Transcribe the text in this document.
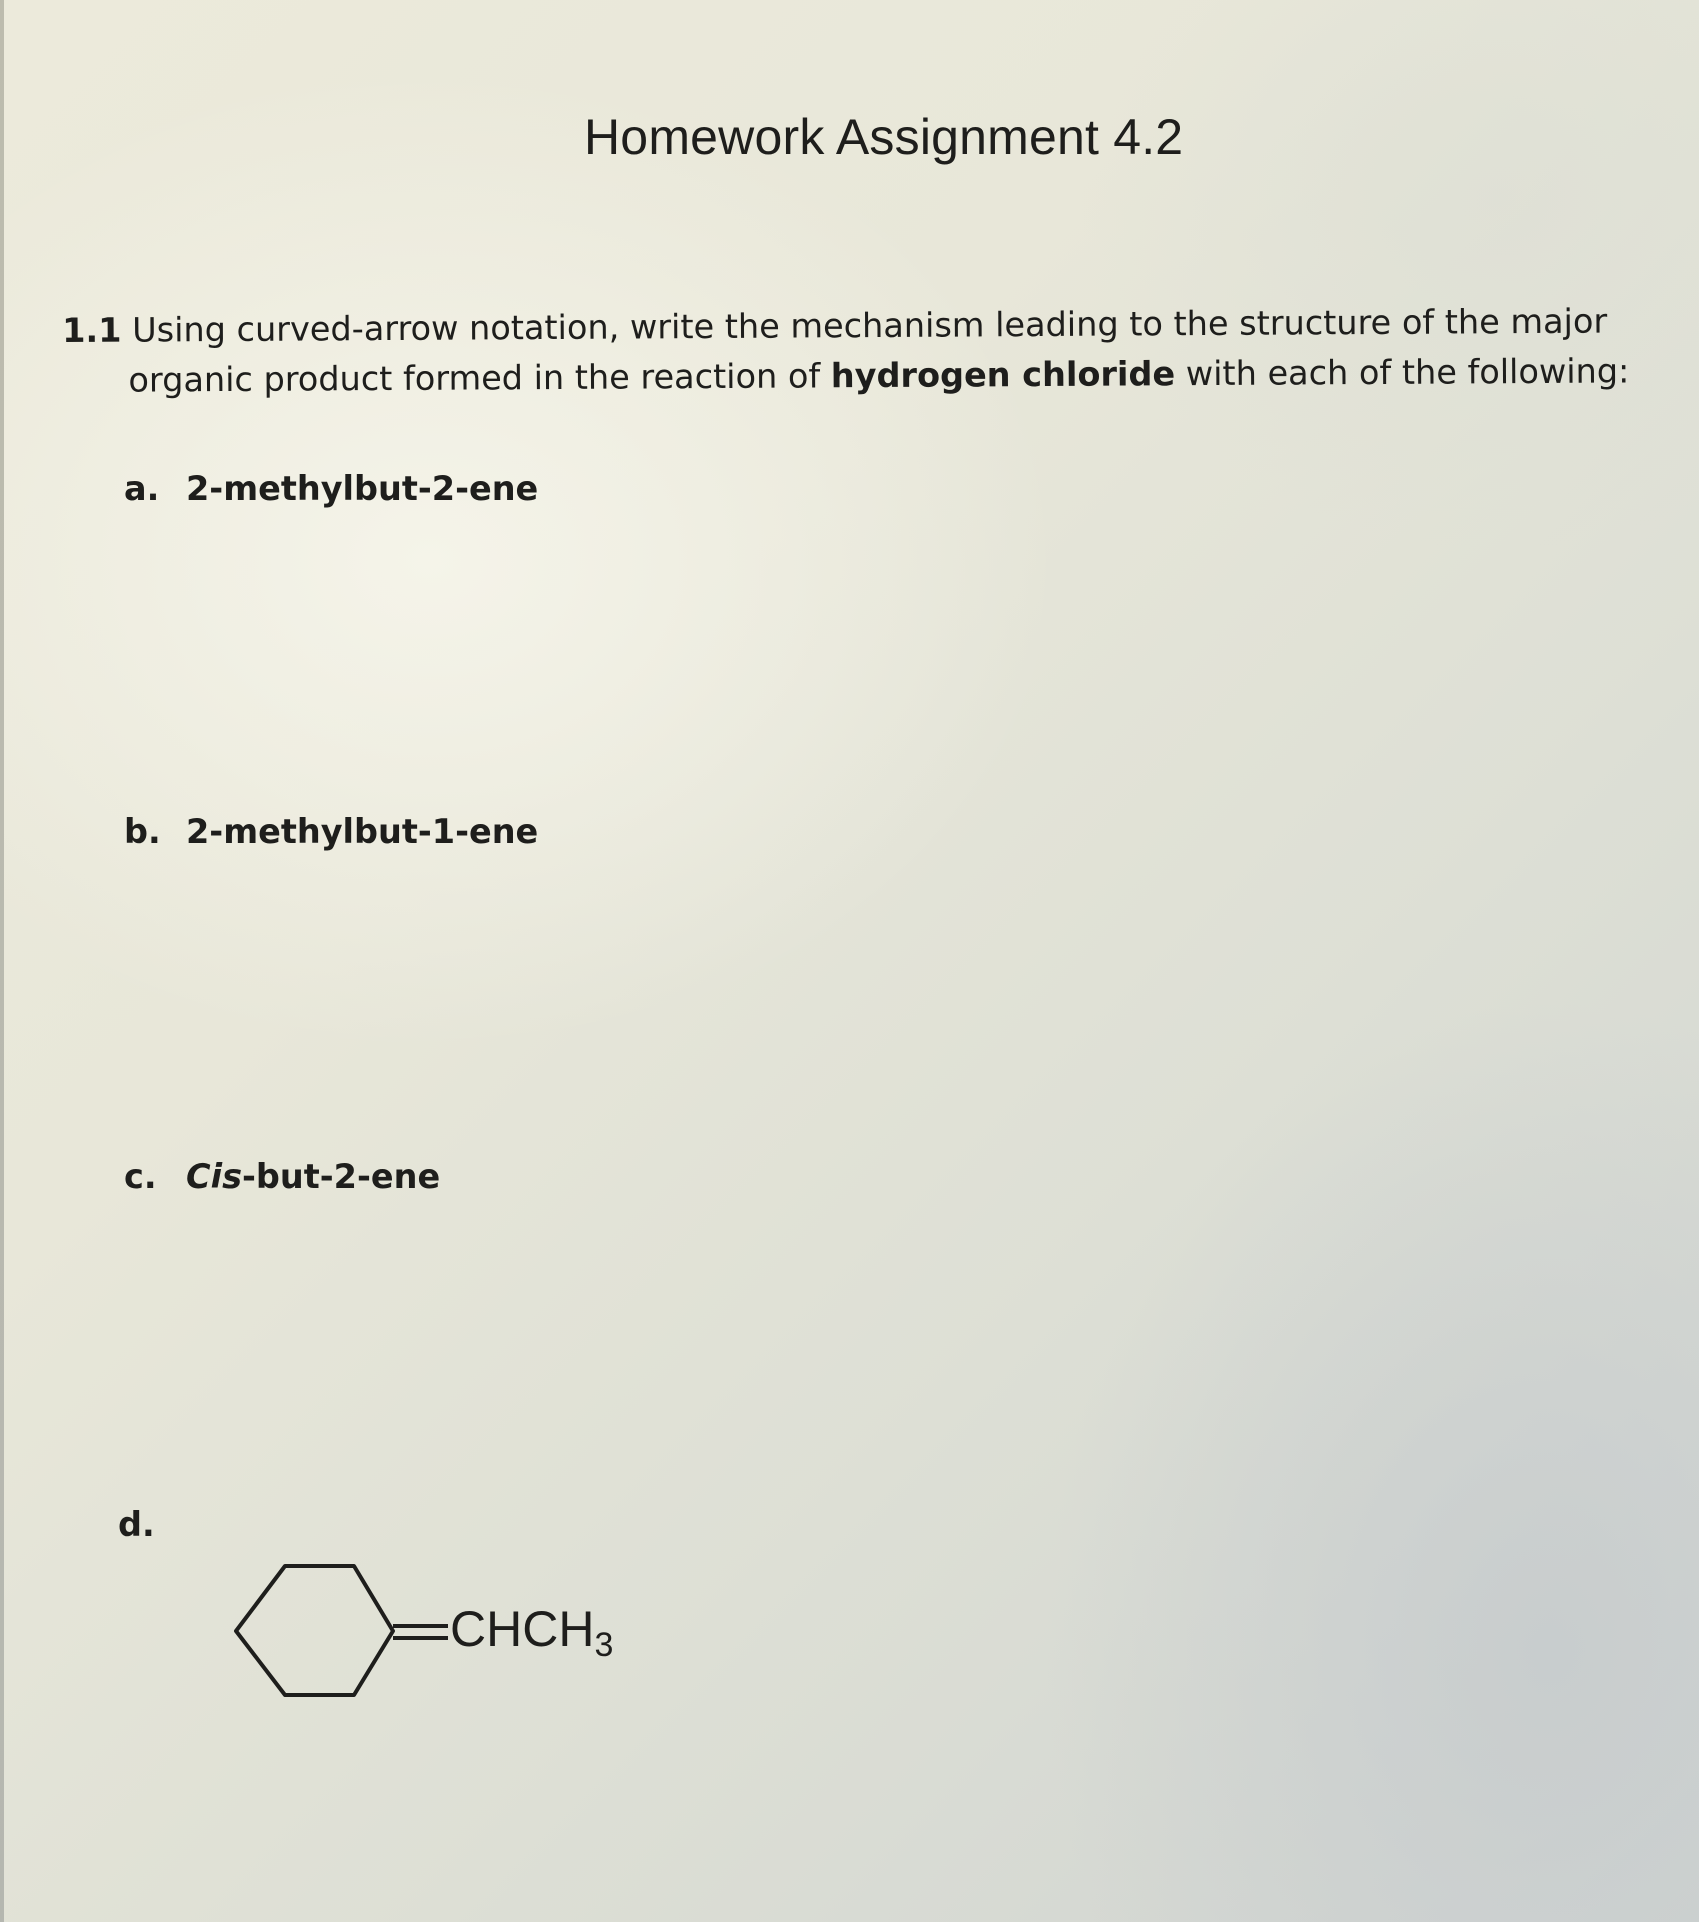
Homework Assignment 4.2
1.1 Using curved-arrow notation, write the mechanism leading to the structure of the major
organic product formed in the reaction of hydrogen chloride with each of the following:
a. 2-methylbut-2-ene
b. 2-methylbut-1-ene
c. Cis-but-2-ene
d.
$CHCH_3$
